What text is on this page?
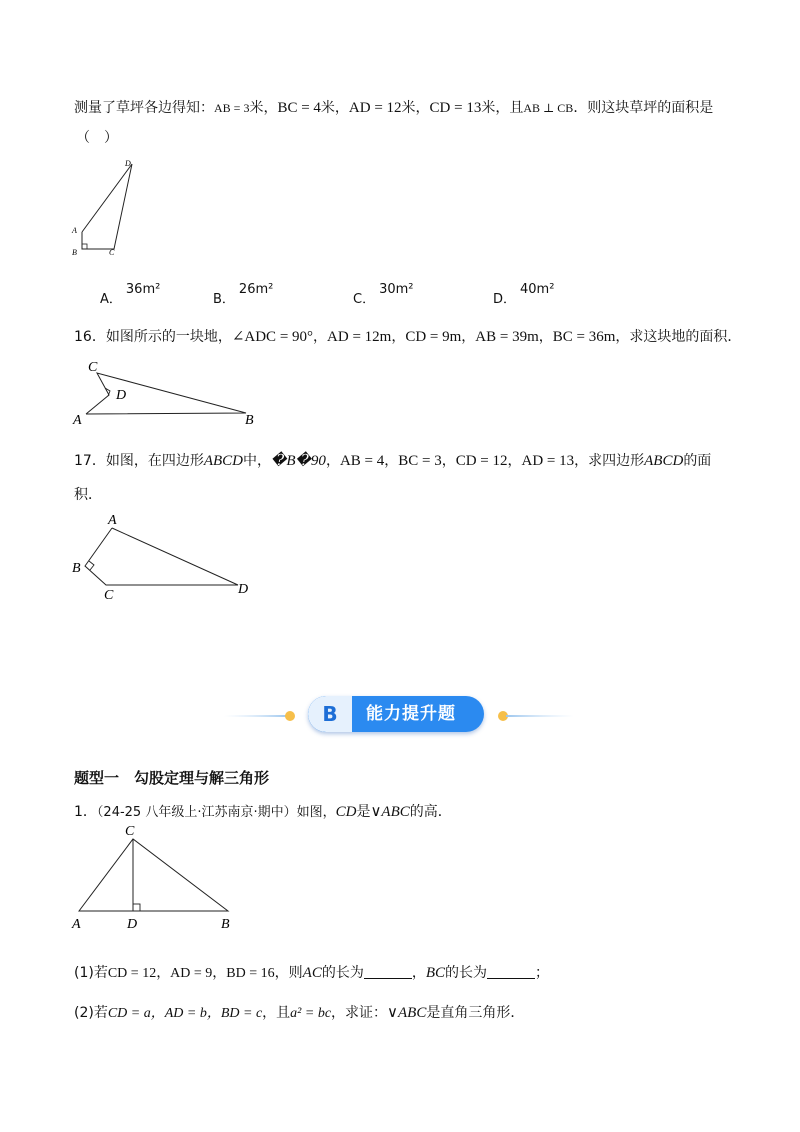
测量了草坪各边得知：AB = 3米，BC = 4米，AD = 12米，CD = 13米，且AB ⊥ CB．则这块草坪的面积是
（　）
A
B	C
D
$_{A.}$36m²
$_{B.}$26m²
$_{C.}$30m²
$_{D.}$40m²
16．如图所示的一块地，∠ADC = 90°，AD = 12m，CD = 9m，AB = 39m，BC = 36m，求这块地的面积．
A	B
C
D
17．如图，在四边形ABCD中，�B�90，AB = 4，BC = 3，CD = 12，AD = 13，求四边形ABCD的面
积．
A
B
C	D
B	能力提升题
题型一　勾股定理与解三角形
1．（24-25 八年级上·江苏南京·期中）如图，CD是∨ABC的高．
C
A	D	B
(1)若CD = 12，AD = 9，BD = 16，则AC的长为	，BC的长为	；
(2)若CD = a，AD = b，BD = c，且a² = bc，求证：∨ABC是直角三角形．
